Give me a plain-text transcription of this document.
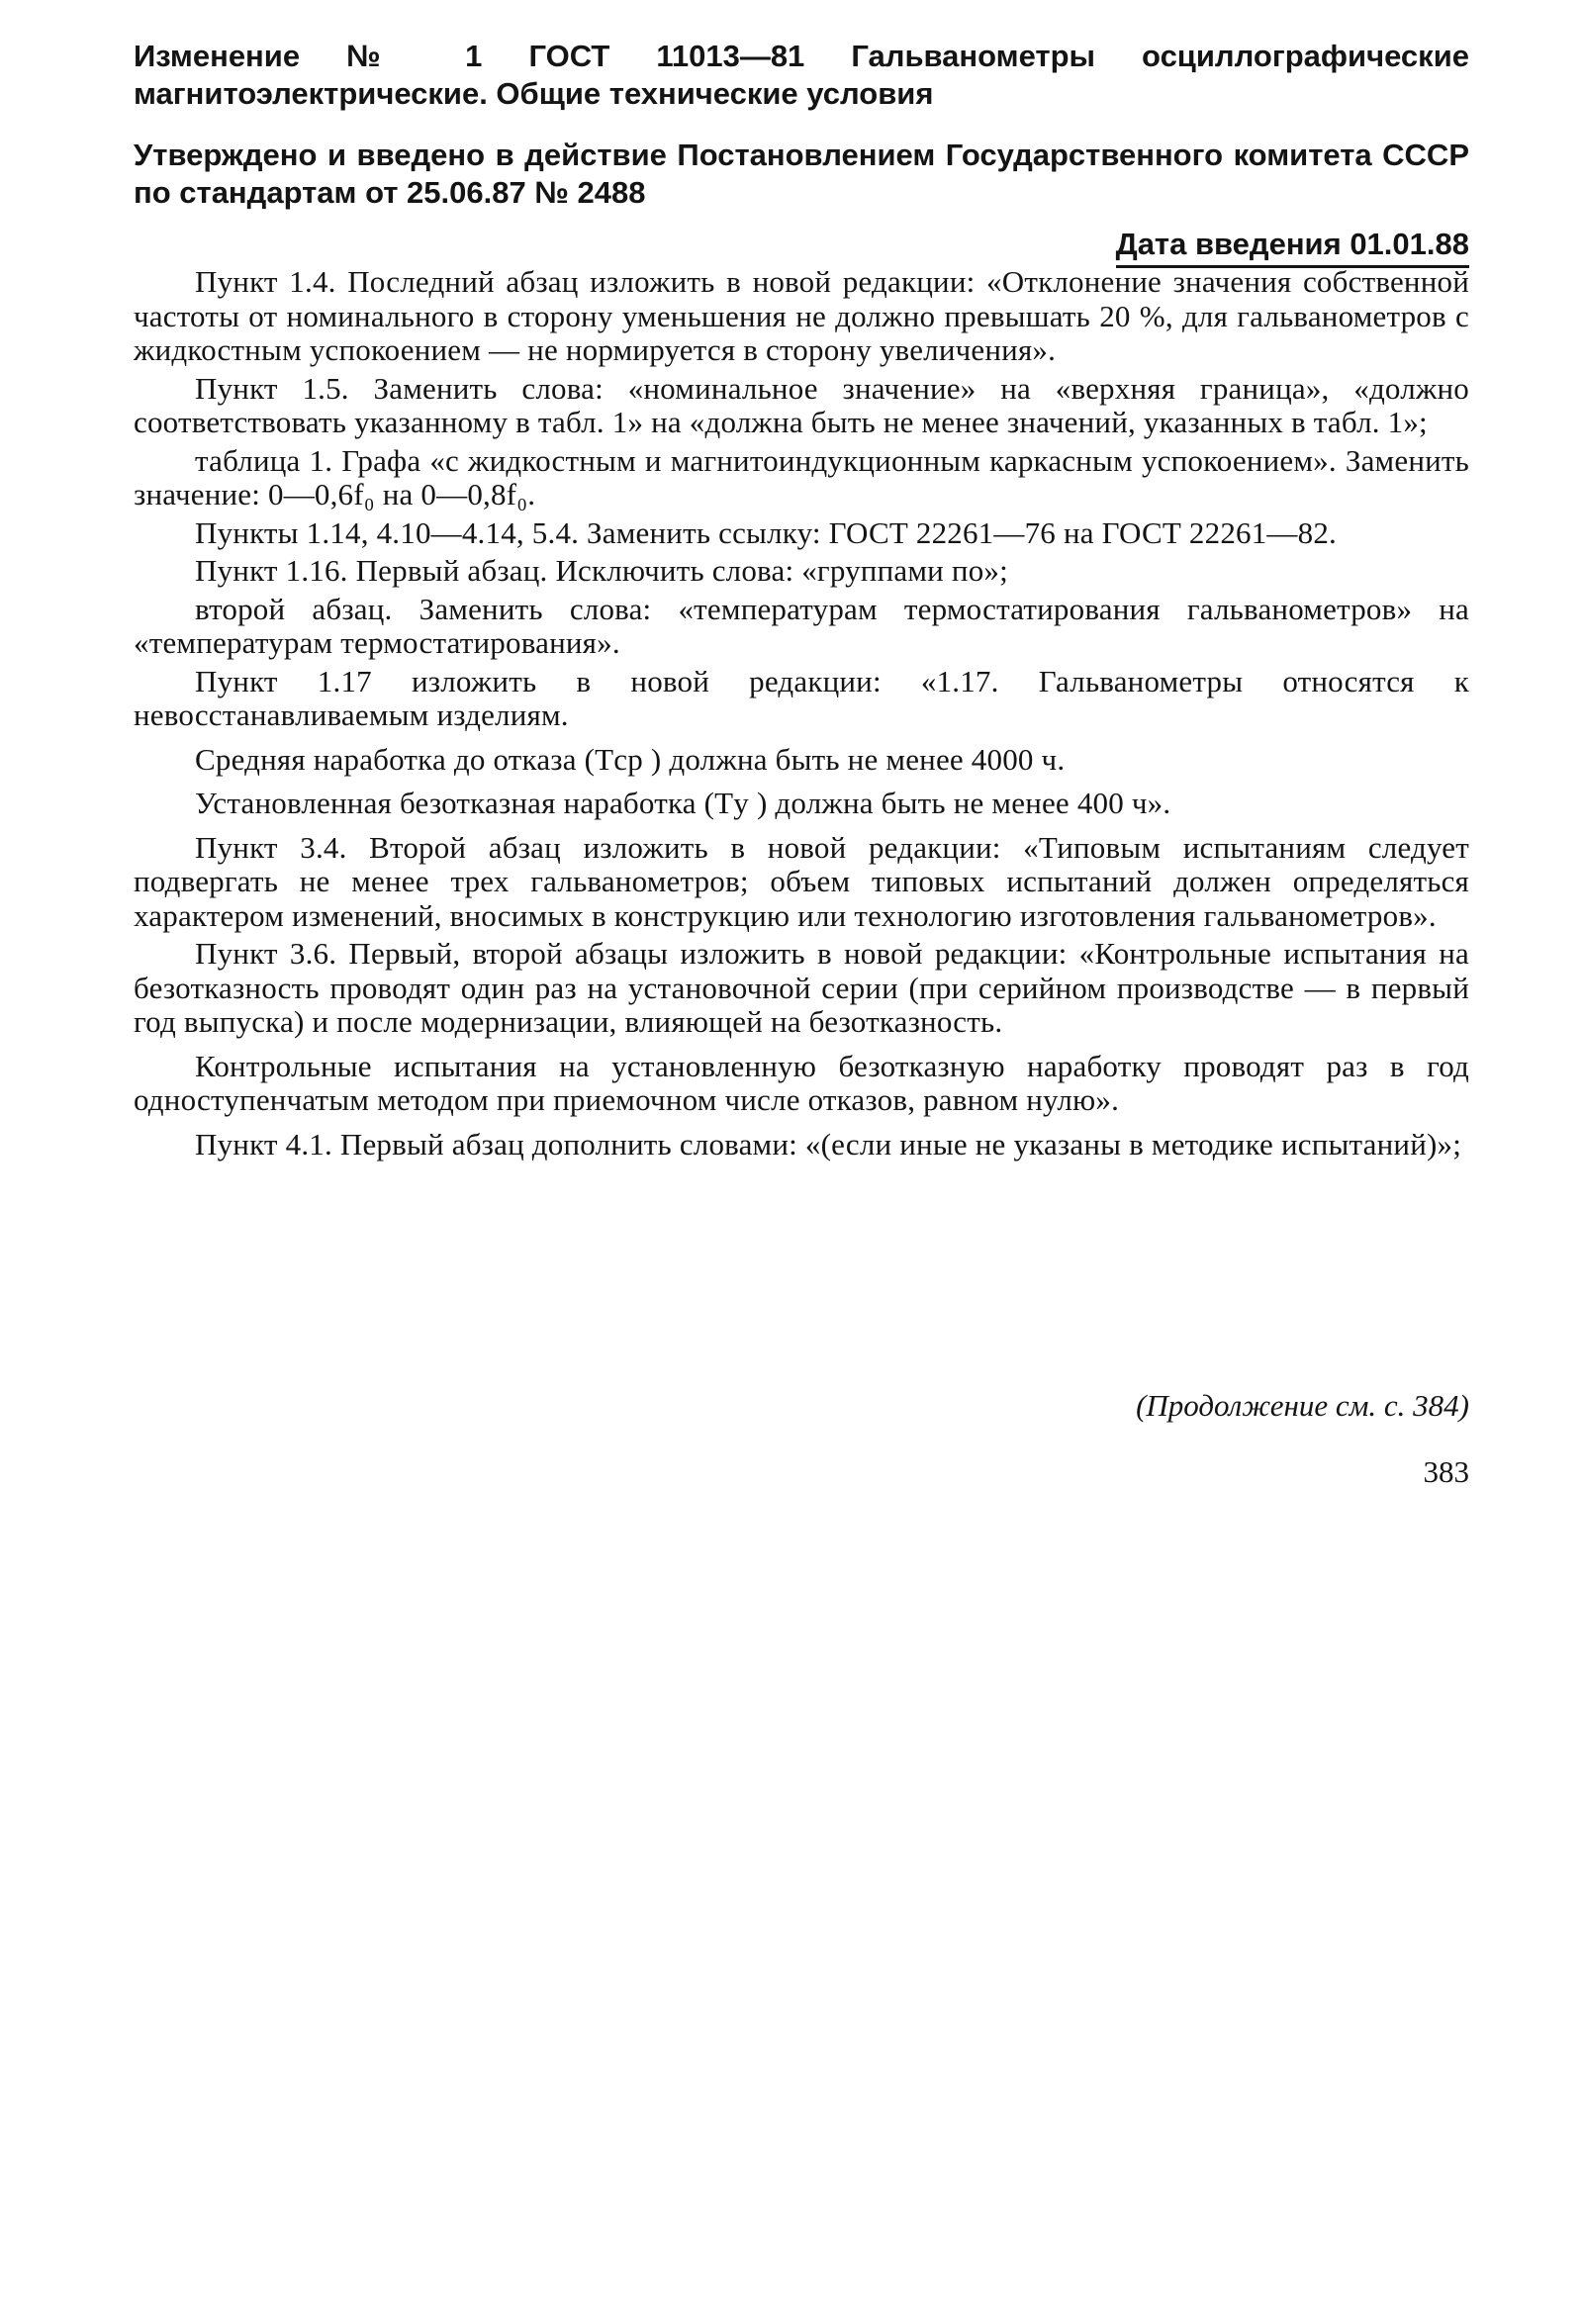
Изменение № 1 ГОСТ 11013—81 Гальванометры осциллографические магнитоэлектрические. Общие технические условия

Утверждено и введено в действие Постановлением Государственного комитета СССР по стандартам от 25.06.87 № 2488

Дата введения 01.01.88

Пункт 1.4. Последний абзац изложить в новой редакции: «Отклонение значения собственной частоты от номинального в сторону уменьшения не должно превышать 20 %, для гальванометров с жидкостным успокоением — не нормируется в сторону увеличения».

Пункт 1.5. Заменить слова: «номинальное значение» на «верхняя граница», «должно соответствовать указанному в табл. 1» на «должна быть не менее значений, указанных в табл. 1»;

таблица 1. Графа «с жидкостным и магнитоиндукционным каркасным успокоением». Заменить значение: 0—0,6f₀ на 0—0,8f₀.

Пункты 1.14, 4.10—4.14, 5.4. Заменить ссылку: ГОСТ 22261—76 на ГОСТ 22261—82.

Пункт 1.16. Первый абзац. Исключить слова: «группами по»;

второй абзац. Заменить слова: «температурам термостатирования гальванометров» на «температурам термостатирования».

Пункт 1.17 изложить в новой редакции: «1.17. Гальванометры относятся к невосстанавливаемым изделиям.

Средняя наработка до отказа (Tср ) должна быть не менее 4000 ч.

Установленная безотказная наработка (Tу ) должна быть не менее 400 ч».

Пункт 3.4. Второй абзац изложить в новой редакции: «Типовым испытаниям следует подвергать не менее трех гальванометров; объем типовых испытаний должен определяться характером изменений, вносимых в конструкцию или технологию изготовления гальванометров».

Пункт 3.6. Первый, второй абзацы изложить в новой редакции: «Контрольные испытания на безотказность проводят один раз на установочной серии (при серийном производстве — в первый год выпуска) и после модернизации, влияющей на безотказность.

Контрольные испытания на установленную безотказную наработку проводят раз в год одноступенчатым методом при приемочном числе отказов, равном нулю».

Пункт 4.1. Первый абзац дополнить словами: «(если иные не указаны в методике испытаний)»;

(Продолжение см. с. 384)
383
